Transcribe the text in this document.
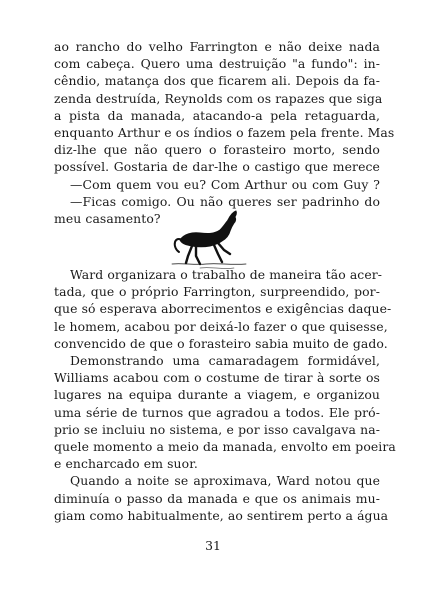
ao rancho do velho Farrington e não deixe nada
com cabeça. Quero uma destruição "a fundo": in-
cêndio, matança dos que ficarem ali. Depois da fa-
zenda destruída, Reynolds com os rapazes que siga
a pista da manada, atacando-a pela retaguarda,
enquanto Arthur e os índios o fazem pela frente. Mas
diz-lhe que não quero o forasteiro morto, sendo
possível. Gostaria de dar-lhe o castigo que merece
—Com quem vou eu? Com Arthur ou com Guy ?
—Ficas comigo. Ou não queres ser padrinho do
meu casamento?
Ward organizara o trabalho de maneira tão acer-
tada, que o próprio Farrington, surpreendido, por-
que só esperava aborrecimentos e exigências daque-
le homem, acabou por deixá-lo fazer o que quisesse,
convencido de que o forasteiro sabia muito de gado.
Demonstrando uma camaradagem formidável,
Williams acabou com o costume de tirar à sorte os
lugares na equipa durante a viagem, e organizou
uma série de turnos que agradou a todos. Ele pró-
prio se incluiu no sistema, e por isso cavalgava na-
quele momento a meio da manada, envolto em poeira
e encharcado em suor.
Quando a noite se aproximava, Ward notou que
diminuía o passo da manada e que os animais mu-
giam como habitualmente, ao sentirem perto a água
31
